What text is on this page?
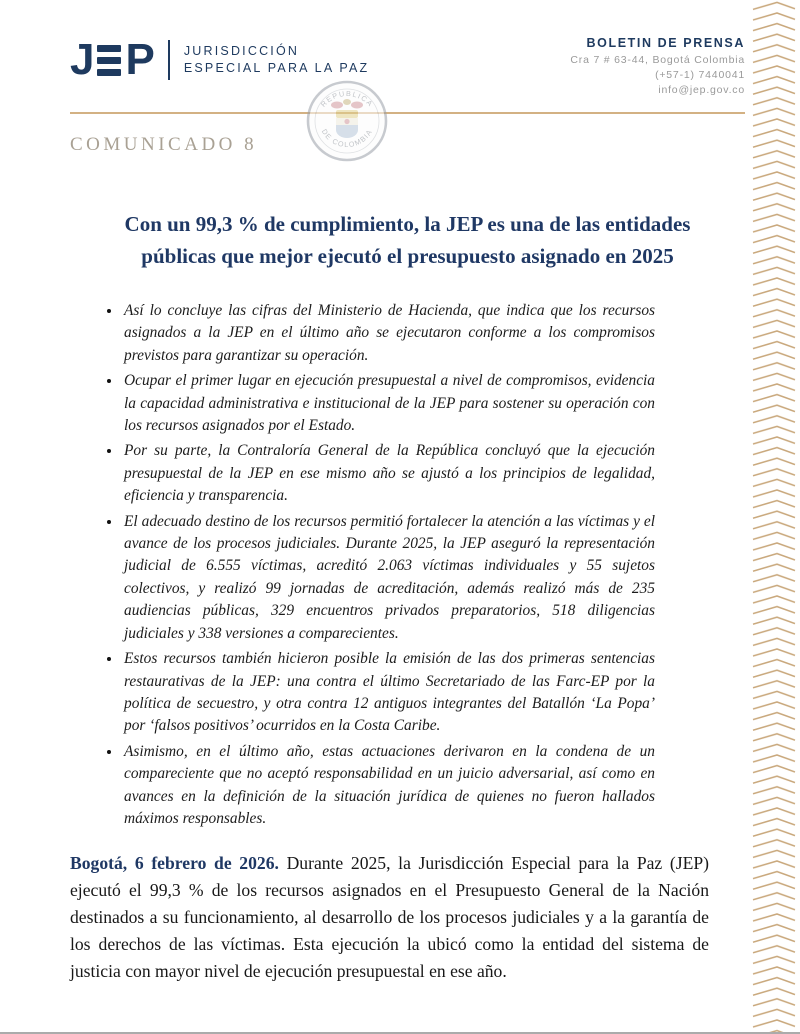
J P JURISDICCIÓN
ESPECIAL PARA LA PAZ
BOLETIN DE PRENSA
Cra 7 # 63-44, Bogotá Colombia
(+57-1) 7440041
info@jep.gov.co
COMUNICADO 8
REPUBLICA
DE COLOMBIA
Con un 99,3 % de cumplimiento, la JEP es una de las entidades
públicas que mejor ejecutó el presupuesto asignado en 2025
• Así lo concluye las cifras del Ministerio de Hacienda, que indica que los recursos asignados a la JEP en el último año se ejecutaron conforme a los compromisos previstos para garantizar su operación.
• Ocupar el primer lugar en ejecución presupuestal a nivel de compromisos, evidencia la capacidad administrativa e institucional de la JEP para sostener su operación con los recursos asignados por el Estado.
• Por su parte, la Contraloría General de la República concluyó que la ejecución presupuestal de la JEP en ese mismo año se ajustó a los principios de legalidad, eficiencia y transparencia.
• El adecuado destino de los recursos permitió fortalecer la atención a las víctimas y el avance de los procesos judiciales. Durante 2025, la JEP aseguró la representación judicial de 6.555 víctimas, acreditó 2.063 víctimas individuales y 55 sujetos colectivos, y realizó 99 jornadas de acreditación, además realizó más de 235 audiencias públicas, 329 encuentros privados preparatorios, 518 diligencias judiciales y 338 versiones a comparecientes.
• Estos recursos también hicieron posible la emisión de las dos primeras sentencias restaurativas de la JEP: una contra el último Secretariado de las Farc-EP por la política de secuestro, y otra contra 12 antiguos integrantes del Batallón ‘La Popa’ por ‘falsos positivos’ ocurridos en la Costa Caribe.
• Asimismo, en el último año, estas actuaciones derivaron en la condena de un compareciente que no aceptó responsabilidad en un juicio adversarial, así como en avances en la definición de la situación jurídica de quienes no fueron hallados máximos responsables.

Bogotá, 6 febrero de 2026. Durante 2025, la Jurisdicción Especial para la Paz (JEP) ejecutó el 99,3 % de los recursos asignados en el Presupuesto General de la Nación destinados a su funcionamiento, al desarrollo de los procesos judiciales y a la garantía de los derechos de las víctimas. Esta ejecución la ubicó como la entidad del sistema de justicia con mayor nivel de ejecución presupuestal en ese año.
